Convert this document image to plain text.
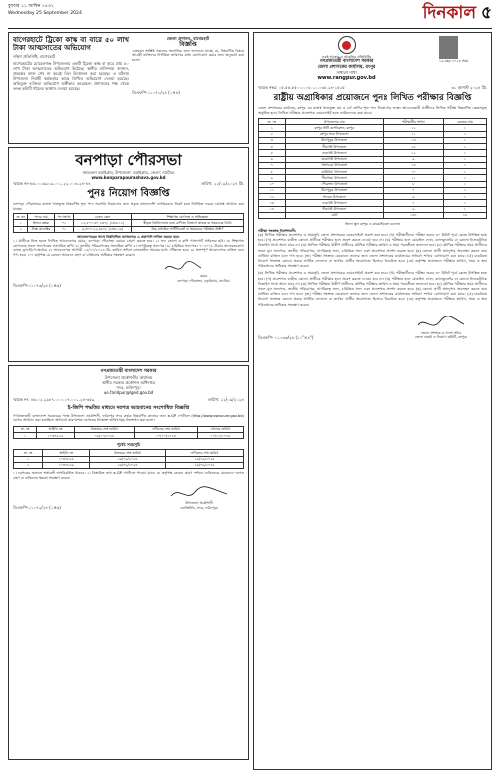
বুধবার ১১ আশ্বিন ১৪৩১
Wednesday 25 September 2024	দিনকাল ৫
বাগেরহাটে ট্রিকো কাস্ক বা বারে ৫০ লাখ টাকা আত্মসাতের অভিযোগ
দক্ষিণ প্রতিনিধি, বাগেরহাট
বাগেরহাটের মোরেলগঞ্জ উপজেলার একটি ট্রিকো কাস্ক বা বারে প্রায় ৫০ লাখ টাকা আত্মসাতের অভিযোগ উঠেছে। স্থানীয় বাসিন্দারা জানান, প্রকল্পের কাজ শেষ না করেই বিল উত্তোলন করা হয়েছে। এ ঘটনায় উপজেলা নির্বাহী কর্মকর্তার কাছে লিখিত অভিযোগ দেওয়া হয়েছে। অভিযুক্ত ব্যক্তিরা অভিযোগ অস্বীকার করেছেন। প্রশাসনের পক্ষ থেকে তদন্ত কমিটি গঠনের আশ্বাস দেওয়া হয়েছে।
জেলা প্রশাসন, বাগেরহাট
বিজ্ঞপ্তি
এতদ্বারা সংশ্লিষ্ট সকলের অবগতির জন্য জানানো যাচ্ছে যে, নিম্নবর্ণিত বিষয়ে আগ্রহী ব্যক্তিদের নির্ধারিত তারিখের মধ্যে যোগাযোগ করার জন্য অনুরোধ করা হলো।
ডিএফপি-১১০৭১/২৪ (১×৪)
বনপাড়া পৌরসভা
জামতলা বড়াইগ্রাম, উপজেলা: বড়াইগ্রাম, জেলা: নাটোর।
www.bonparapourashava.gov.bd
স্মারক নং-৪৬.০০.৬৯০৯.০০১.২২.০০৩.২৪-৪৪	তারিখ: ২২/০৯/২০২৪ খ্রি.
পুনঃ নিয়োগ বিজ্ঞপ্তি
বনপাড়া পৌরসভার রাজস্ব খাতভুক্ত নিম্নবর্ণিত শূন্য পদে সরাসরি নিয়োগের জন্য প্রকৃত বাংলাদেশি নাগরিকদের নিকট হতে নির্ধারিত ফরমে দরখাস্ত আহ্বান করা যাচ্ছে।
ক্র. নং	পদের নাম	পদ সংখ্যা	বেতন স্কেল	শিক্ষাগত যোগ্যতা ও অভিজ্ঞতা
১	হিসাব রক্ষক	০১	১২,৫০০-৩০,২৩০/- (গ্রেড-১১)	স্বীকৃত বিশ্ববিদ্যালয় হতে বাণিজ্য বিভাগে স্নাতক বা সমমানের ডিগ্রি
২	ট্যাক্স কালেক্টর	০১	৯,৩০০-২২,৪৯০/- (গ্রেড-১৬)	উচ্চ মাধ্যমিক সার্টিফিকেট বা সমমানের পরীক্ষায় উত্তীর্ণ
আবেদনপত্রের সাথে নিম্নলিখিত কাগজপত্র ও প্রমাণাদি দাখিল করতে হবে:
১। প্রার্থীকে নিজ হাতে লিখিত আবেদনপত্র মেয়র, বনপাড়া পৌরসভা বরাবর প্রেরণ করতে হবে। ২। সদ্য তোলা ৩ কপি পাসপোর্ট সাইজের ছবি। ৩। শিক্ষাগত যোগ্যতার সকল সনদপত্রের সত্যায়িত কপি। ৪। জাতীয় পরিচয়পত্রের সত্যায়িত কপি। ৫। নাগরিকত্ব সনদপত্র। ৬। চারিত্রিক সনদপত্র। ৭। ৫০০/- টাকার অফেরতযোগ্য ব্যাংক ড্রাফট/পে-অর্ডার। ৮। আবেদনপত্র আগামী ১৫/১০/২০২৪ খ্রি. তারিখ অফিস চলাকালীন সময়ের মধ্যে পৌঁছাতে হবে। ৯। অসম্পূর্ণ আবেদনপত্র বাতিল বলে গণ্য হবে। ১০। কর্তৃপক্ষ যে কোনো আবেদন গ্রহণ বা বাতিলের অধিকার সংরক্ষণ করেন।
মেয়র
বনপাড়া পৌরসভা, বড়াইগ্রাম, নাটোর।
ডিএফপি-১১০৭৩/২৪ (১×৬)
গণপ্রজাতন্ত্রী বাংলাদেশ সরকার
উপজেলা প্রকৌশলীর কার্যালয়
স্থানীয় সরকার প্রকৌশল অধিদপ্তর
সদর, ফরিদপুর।
ue.faridpur@lged.gov.bd
স্মারক নং: ৪৬.০২.২৯৪৭.০০০.০৭.০০১.২৪-৩৫৯	তারিখ: ২২/০৯/২০২৪
ই-জিপি পদ্ধতির মাধ্যমে দরপত্র আহবানের সংশোধিত বিজ্ঞপ্তি
গণপ্রজাতন্ত্রী বাংলাদেশ সরকারের পক্ষে উপজেলা প্রকৌশলী, ফরিদপুর সদর কর্তৃক নিম্নবর্ণিত কাজের জন্য e-GP পোর্টালে (http://www.eprocure.gov.bd) দরপত্র আহ্বান করা হয়েছিল। অনিবার্য কারণবশত দরপত্রের নিম্নোক্ত তারিখসমূহ সংশোধন করা হলো।
ক্র. নং	আইডি নং	বিক্রয়ের শেষ তারিখ	দাখিলের শেষ তারিখ	খোলার তারিখ
১	১০৩৭৮২৫	০৯/১০/২০২৪	১০/১০/২০২৪	১০/১০/২০২৪
পূর্বের সময়সূচি
ক্র. নং	আইডি নং	বিক্রয়ের শেষ তারিখ	দাখিলের শেষ তারিখ
১	১০৩৭৮২৫	২৬/০৯/২০২৪	২৯/০৯/২০২৪
২	১০৩৭৮২৬	২৬/০৯/২০২৪	২৯/০৯/২০২৪
১। দরপত্রের অন্যান্য শর্তাবলী অপরিবর্তিত থাকবে। ২। বিস্তারিত তথ্য e-GP পোর্টালে পাওয়া যাবে। ৩। কর্তৃপক্ষ কোনো কারণ দর্শানো ব্যতিরেকে যেকোনো দরপত্র গ্রহণ বা বাতিলের ক্ষমতা সংরক্ষণ করেন।
ডিএফপি-১১০৭২/২৪ (১×৬)
উপজেলা প্রকৌশলী
এলজিইডি, সদর, ফরিদপুর।
একই আকার ও আকৃতির প্রতিনিধির
গণপ্রজাতন্ত্রী বাংলাদেশ সরকার
জেলা প্রশাসকের কার্যালয়, রংপুর
সাধারণ শাখা
www.rangpur.gov.bd
১৬ বছর ২০২৪ সময়
স্মারক নম্বর: ০৫.৫৫.৮৫০০.০০৮.১০.০৩৮.২৪-১৫২৫	৩১ আগস্ট ২০২৪ খ্রি.
রাষ্ট্রীয় অগ্রাধিকার প্রয়োজনে পুনঃ লিখিত পরীক্ষার বিজ্ঞপ্তি
জেলা প্রশাসকের কার্যালয়, রংপুর এর রাজস্ব খাতভুক্ত ৩য় ও ৪র্থ শ্রেণির শূন্য পদে নিয়োগের লক্ষ্যে আবেদনকারী প্রার্থীদের লিখিত পরীক্ষা নিম্নবর্ণিত কেন্দ্রসমূহে অনুষ্ঠিত হবে। লিখিত পরীক্ষার প্রবেশপত্র ওয়েবসাইট হতে ডাউনলোড করা যাবে।
ক্র. নং	উপজেলার নাম	পরীক্ষার্থীর সংখ্যা	কেন্দ্রের নাম
১	রংপুর সিটি কর্পোরেশন, রংপুর	১২	১
২	রংপুর সদর উপজেলা	১১	১
৩	মিঠাপুকুর উপজেলা	১৩	১
৪	পীরগঞ্জ উপজেলা	১৫	১
৫	বদরগঞ্জ উপজেলা	১২	১
৬	তারাগঞ্জ উপজেলা	৯	১
৭	গংগাচড়া উপজেলা	১৪	১
৮	কাউনিয়া উপজেলা	১০	১
৯	পীরগাছা উপজেলা	১১	১
১০	পৌরসভা উপজেলা	৮	১
১১	মিঠাপুকুর উপজেলা	৭	১
১২	সাবেক উপজেলা	৬	১
১৩	বদরগঞ্জ উপজেলা	৭	১
১৪	পীরগঞ্জ উপজেলা	৯	১
	মোট	১৩১	১৪
জিলা স্কুল রংপুর ও কারমাইকেল কলেজ
পরীক্ষা সংক্রান্ত নির্দেশাবলী:
(ক) লিখিত পরীক্ষার প্রবেশপত্র ও সময়সূচি জেলা প্রশাসকের ওয়েবসাইটে প্রকাশ করা হবে। (খ) পরীক্ষার্থীদের পরীক্ষা শুরুর ৩০ মিনিট পূর্বে কেন্দ্রে উপস্থিত হতে হবে। (গ) প্রবেশপত্র ব্যতীত কোনো প্রার্থীকে পরীক্ষার হলে প্রবেশ করতে দেওয়া হবে না। (ঘ) পরীক্ষার হলে মোবাইল ফোন, ক্যালকুলেটর বা কোনো ইলেকট্রনিক ডিভাইস সাথে আনা যাবে না। (ঙ) লিখিত পরীক্ষায় উত্তীর্ণ প্রার্থীদের মৌখিক পরীক্ষার তারিখ ও সময় পরবর্তীতে জানানো হবে। (চ) মৌখিক পরীক্ষার সময় প্রার্থীদের সকল মূল সনদপত্র, জাতীয় পরিচয়পত্র, নাগরিকত্ব সনদ, চারিত্রিক সনদ এবং প্রবেশপত্র প্রদর্শন করতে হবে। (ছ) কোনো প্রার্থী অসদুপায় অবলম্বন করলে তার প্রার্থিতা বাতিল বলে গণ্য হবে। (জ) পরীক্ষা সংক্রান্ত যেকোনো তথ্যের জন্য জেলা প্রশাসকের কার্যালয়ের সাধারণ শাখায় যোগাযোগ করা যাবে। (ঝ) চাকরিতে নিয়োগ সংক্রান্ত কোনো প্রকার আর্থিক লেনদেন বা তদবির প্রার্থীর অযোগ্যতা হিসেবে বিবেচিত হবে। (ঞ) কর্তৃপক্ষ প্রয়োজনে পরীক্ষার তারিখ, সময় ও স্থান পরিবর্তনের অধিকার সংরক্ষণ করেন।
(ক) লিখিত পরীক্ষার প্রবেশপত্র ও সময়সূচি জেলা প্রশাসকের ওয়েবসাইটে প্রকাশ করা হবে। (খ) পরীক্ষার্থীদের পরীক্ষা শুরুর ৩০ মিনিট পূর্বে কেন্দ্রে উপস্থিত হতে হবে। (গ) প্রবেশপত্র ব্যতীত কোনো প্রার্থীকে পরীক্ষার হলে প্রবেশ করতে দেওয়া হবে না। (ঘ) পরীক্ষার হলে মোবাইল ফোন, ক্যালকুলেটর বা কোনো ইলেকট্রনিক ডিভাইস সাথে আনা যাবে না। (ঙ) লিখিত পরীক্ষায় উত্তীর্ণ প্রার্থীদের মৌখিক পরীক্ষার তারিখ ও সময় পরবর্তীতে জানানো হবে। (চ) মৌখিক পরীক্ষার সময় প্রার্থীদের সকল মূল সনদপত্র, জাতীয় পরিচয়পত্র, নাগরিকত্ব সনদ, চারিত্রিক সনদ এবং প্রবেশপত্র প্রদর্শন করতে হবে। (ছ) কোনো প্রার্থী অসদুপায় অবলম্বন করলে তার প্রার্থিতা বাতিল বলে গণ্য হবে। (জ) পরীক্ষা সংক্রান্ত যেকোনো তথ্যের জন্য জেলা প্রশাসকের কার্যালয়ের সাধারণ শাখায় যোগাযোগ করা যাবে। (ঝ) চাকরিতে নিয়োগ সংক্রান্ত কোনো প্রকার আর্থিক লেনদেন বা তদবির প্রার্থীর অযোগ্যতা হিসেবে বিবেচিত হবে। (ঞ) কর্তৃপক্ষ প্রয়োজনে পরীক্ষার তারিখ, সময় ও স্থান পরিবর্তনের অধিকার সংরক্ষণ করেন।
ডিএফপি- ১১০৩৬/২৪ (১০"×৪")
জেলা প্রশাসক ও সদস্য সচিব
জেলা বাছাই ও নিয়োগ কমিটি, রংপুর।
